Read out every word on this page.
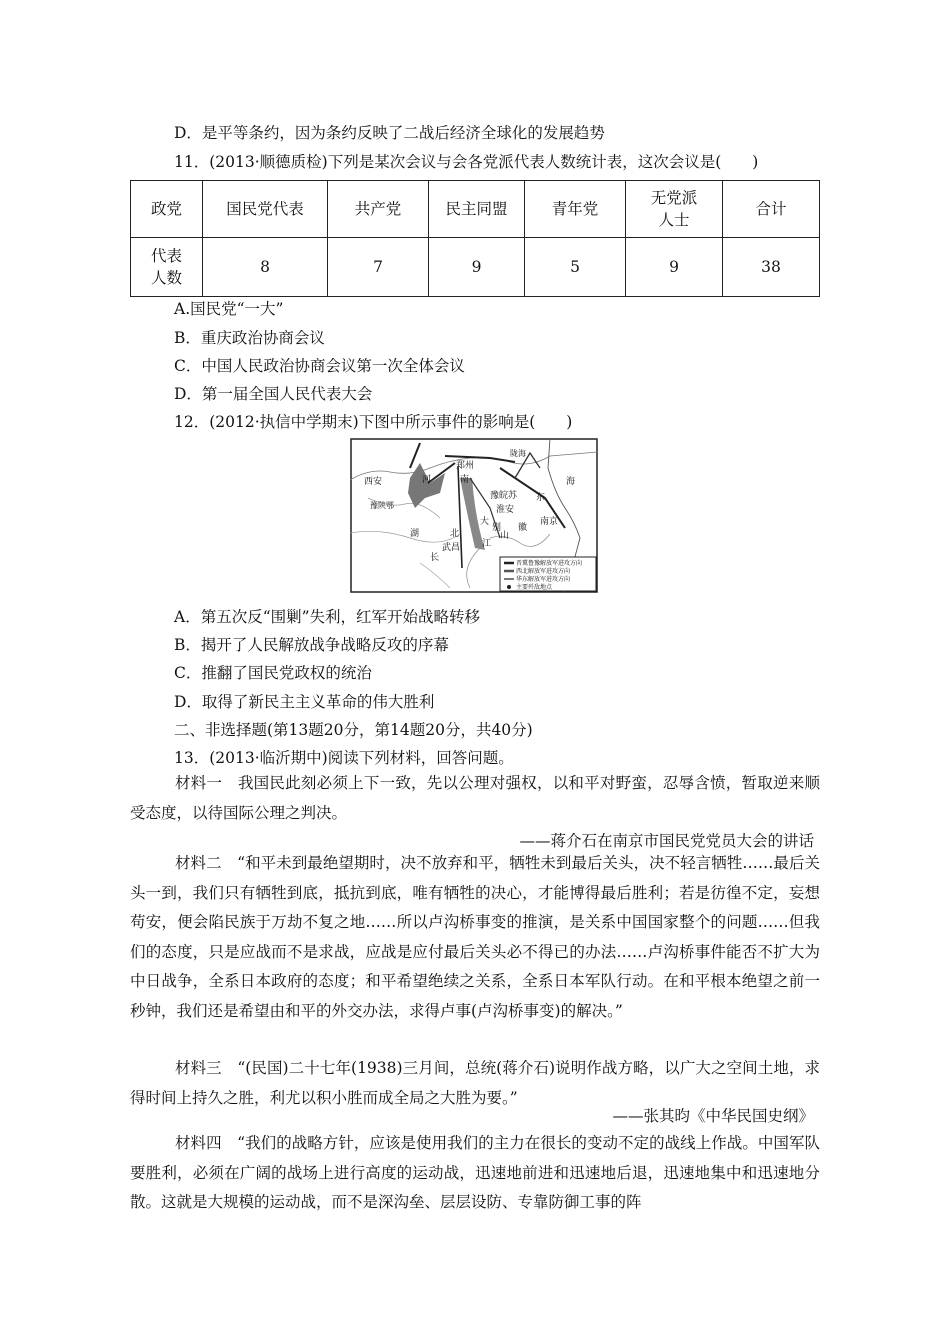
D．是平等条约，因为条约反映了二战后经济全球化的发展趋势
11．(2013·顺德质检)下列是某次会议与会各党派代表人数统计表，这次会议是(　　)
政党	国民党代表	共产党	民主同盟	青年党	无党派人士	合计
代表人数	8	7	9	5	9	38
A.国民党“一大”
B．重庆政治协商会议
C．中国人民政治协商会议第一次全体会议
D．第一届全国人民代表大会
12．(2012·执信中学期末)下图中所示事件的影响是(　　)
西安
郑州
豫皖苏
淮安
海
南京
湖	北
武昌
长
江
大
别
山
徽
河	南
豫陕鄂
东
陇海
晋冀鲁豫解放军进攻方向
西北解放军进攻方向
华东解放军进攻方向
主要歼敌地点
A．第五次反“围剿”失利，红军开始战略转移
B．揭开了人民解放战争战略反攻的序幕
C．推翻了国民党政权的统治
D．取得了新民主主义革命的伟大胜利
二、非选择题(第13题20分，第14题20分，共40分)
13．(2013·临沂期中)阅读下列材料，回答问题。
材料一　我国民此刻必须上下一致，先以公理对强权，以和平对野蛮，忍辱含愤，暂取逆来顺受态度，以待国际公理之判决。
——蒋介石在南京市国民党党员大会的讲话
材料二　“和平未到最绝望期时，决不放弃和平，牺牲未到最后关头，决不轻言牺牲……最后关头一到，我们只有牺牲到底，抵抗到底，唯有牺牲的决心，才能博得最后胜利；若是彷徨不定，妄想苟安，便会陷民族于万劫不复之地……所以卢沟桥事变的推演，是关系中国国家整个的问题……但我们的态度，只是应战而不是求战，应战是应付最后关头必不得已的办法……卢沟桥事件能否不扩大为中日战争，全系日本政府的态度；和平希望绝续之关系，全系日本军队行动。在和平根本绝望之前一秒钟，我们还是希望由和平的外交办法，求得卢事(卢沟桥事变)的解决。”
材料三　“(民国)二十七年(1938)三月间，总统(蒋介石)说明作战方略，以广大之空间土地，求得时间上持久之胜，利尤以积小胜而成全局之大胜为要。”
——张其昀《中华民国史纲》
材料四　“我们的战略方针，应该是使用我们的主力在很长的变动不定的战线上作战。中国军队要胜利，必须在广阔的战场上进行高度的运动战，迅速地前进和迅速地后退，迅速地集中和迅速地分散。这就是大规模的运动战，而不是深沟垒、层层设防、专靠防御工事的阵
